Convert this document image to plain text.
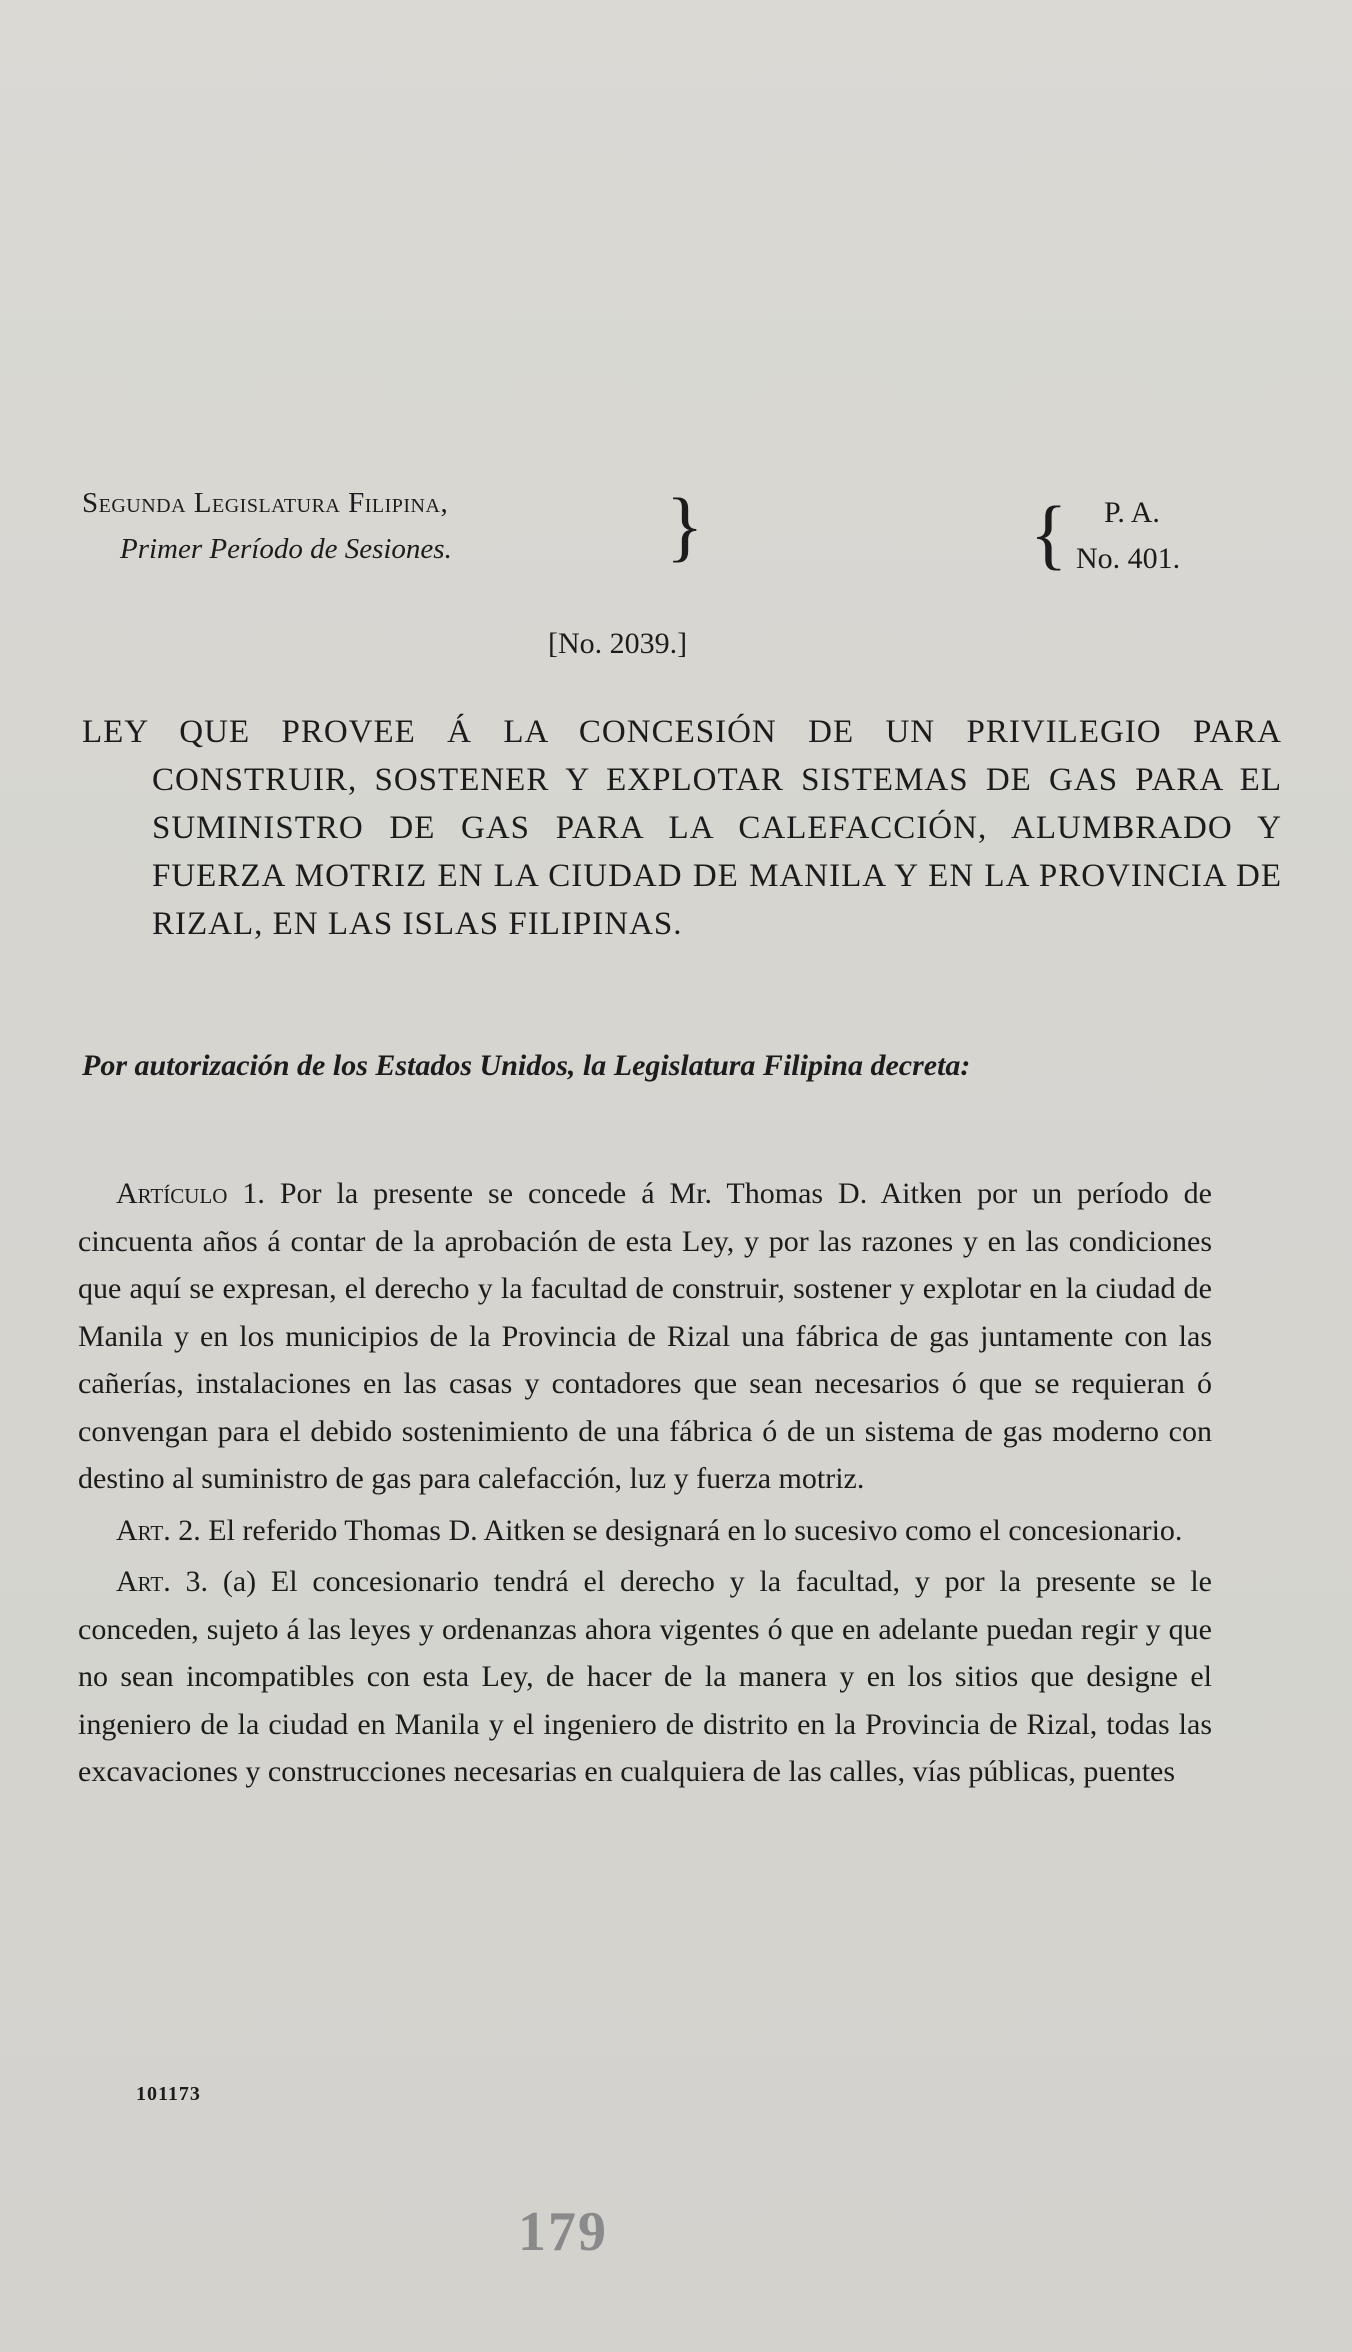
Segunda Legislatura Filipina,
Primer Período de Sesiones.	}	{	P. A.
No. 401.
[No. 2039.]
LEY QUE PROVEE Á LA CONCESIÓN DE UN PRIVILEGIO PARA CONSTRUIR, SOSTENER Y EXPLOTAR SISTEMAS DE GAS PARA EL SUMINISTRO DE GAS PARA LA CALEFACCIÓN, ALUMBRADO Y FUERZA MOTRIZ EN LA CIUDAD DE MANILA Y EN LA PROVINCIA DE RIZAL, EN LAS ISLAS FILIPINAS.
Por autorización de los Estados Unidos, la Legislatura Filipina decreta:

Artículo 1. Por la presente se concede á Mr. Thomas D. Aitken por un período de cincuenta años á contar de la aprobación de esta Ley, y por las razones y en las condiciones que aquí se expresan, el derecho y la facultad de construir, sostener y explotar en la ciudad de Manila y en los municipios de la Provincia de Rizal una fábrica de gas juntamente con las cañerías, instalaciones en las casas y contadores que sean necesarios ó que se requieran ó convengan para el debido sostenimiento de una fábrica ó de un sistema de gas moderno con destino al suministro de gas para calefacción, luz y fuerza motriz.

Art. 2. El referido Thomas D. Aitken se designará en lo sucesivo como el concesionario.

Art. 3. (a) El concesionario tendrá el derecho y la facultad, y por la presente se le conceden, sujeto á las leyes y ordenanzas ahora vigentes ó que en adelante puedan regir y que no sean incompatibles con esta Ley, de hacer de la manera y en los sitios que designe el ingeniero de la ciudad en Manila y el ingeniero de distrito en la Provincia de Rizal, todas las excavaciones y construcciones necesarias en cualquiera de las calles, vías públicas, puentes

101173
179
